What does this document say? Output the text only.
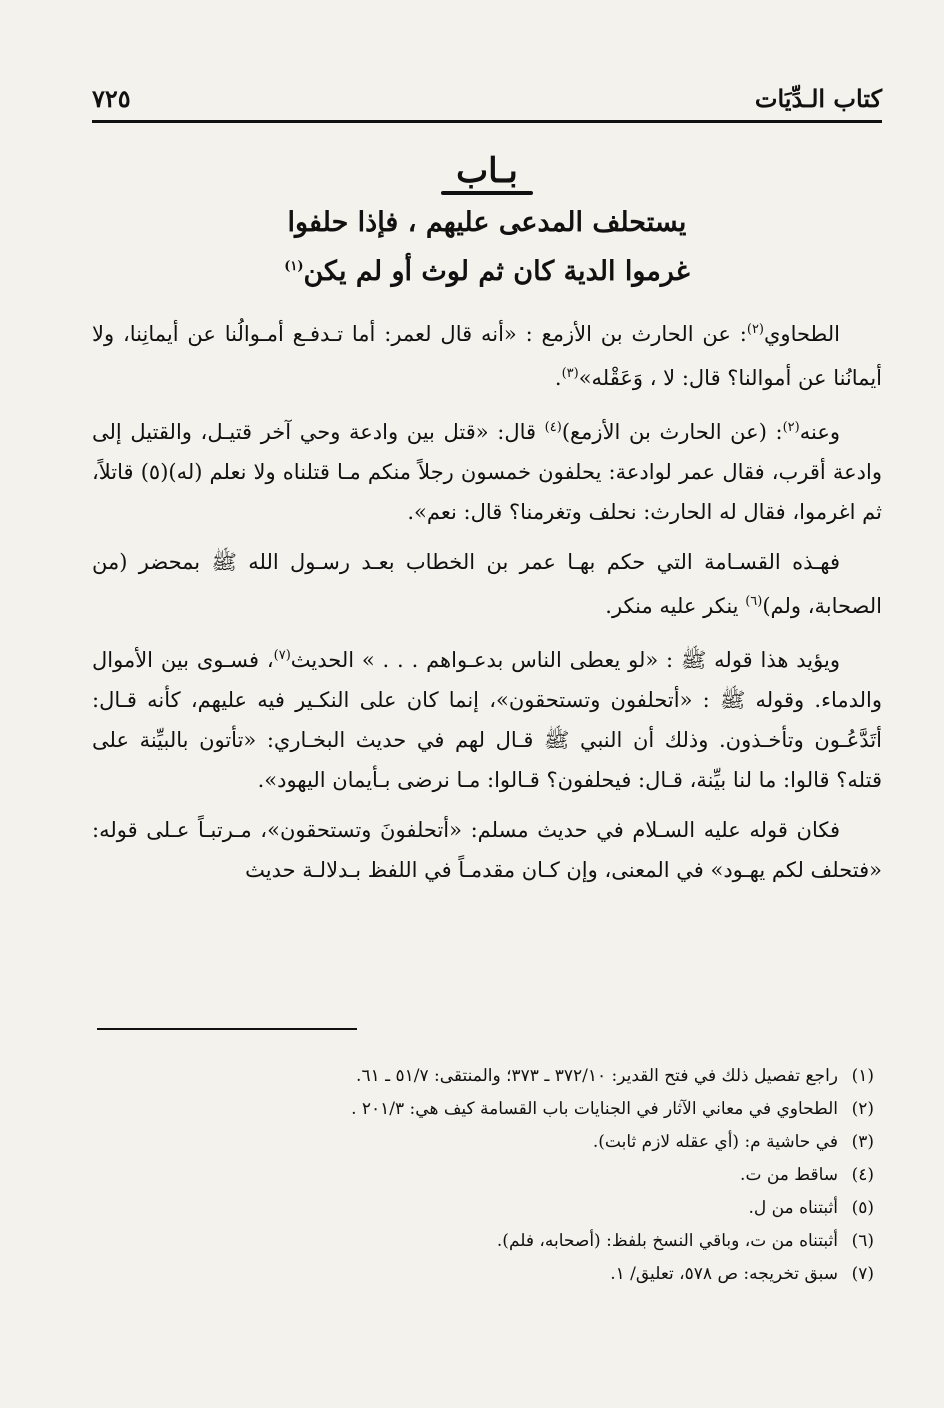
كتاب الـدِّيَات
٧٢٥
بـاب
يستحلف المدعى عليهم ، فإذا حلفوا
غرموا الدية كان ثم لوث أو لم يكن$^{(١)}$

الطحاوي$^{(٢)}$: عن الحارث بن الأزمع : «أنه قال لعمر: أما تـدفـع أمـوالُنا عن أيمانِنا، ولا أيمانُنا عن أموالنا؟ قال: لا ، وَعَقْله»$^{(٣)}$.

وعنه$^{(٢)}$: (عن الحارث بن الأزمع)$^{(٤)}$ قال: «قتل بين وادعة وحي آخر قتيـل، والقتيل إلى وادعة أقرب، فقال عمر لوادعة: يحلفون خمسون رجلاً منكم مـا قتلناه ولا نعلم (له)(٥) قاتلاً، ثم اغرموا، فقال له الحارث: نحلف وتغرمنا؟ قال: نعم».

فهـذه القسـامة التي حكم بهـا عمر بن الخطاب بعـد رسـول الله ﷺ بمحضر (من الصحابة، ولم)$^{(٦)}$ ينكر عليه منكر.

ويؤيد هذا قوله ﷺ : «لو يعطى الناس بدعـواهم . . . » الحديث$^{(٧)}$، فسـوى بين الأموال والدماء. وقوله ﷺ : «أتحلفون وتستحقون»، إنما كان على النكـير فيه عليهم، كأنه قـال: أتَدَّعُـون وتأخـذون. وذلك أن النبي ﷺ قـال لهم في حديث البخـاري: «تأتون بالبيِّنة على قتله؟ قالوا: ما لنا بيِّنة، قـال: فيحلفون؟ قـالوا: مـا نرضى بـأيمان اليهود».

فكان قوله عليه السـلام في حديث مسلم: «أتحلفونَ وتستحقون»، مـرتبـاً عـلى قوله: «فتحلف لكم يهـود» في المعنى، وإن كـان مقدمـاً في اللفظ بـدلالـة حديث

(١)راجع تفصيل ذلك في فتح القدير: ٣٧٢/١٠ ـ ٣٧٣؛ والمنتقى: ٥١/٧ ـ ٦١.
(٢)الطحاوي في معاني الآثار في الجنايات باب القسامة كيف هي: ٢٠١/٣ .
(٣)في حاشية م: (أي عقله لازم ثابت).
(٤)ساقط من ت.
(٥)أثبتناه من ل.
(٦)أثبتناه من ت، وباقي النسخ بلفظ: (أصحابه، فلم).
(٧)سبق تخريجه: ص ٥٧٨، تعليق/ ١.
